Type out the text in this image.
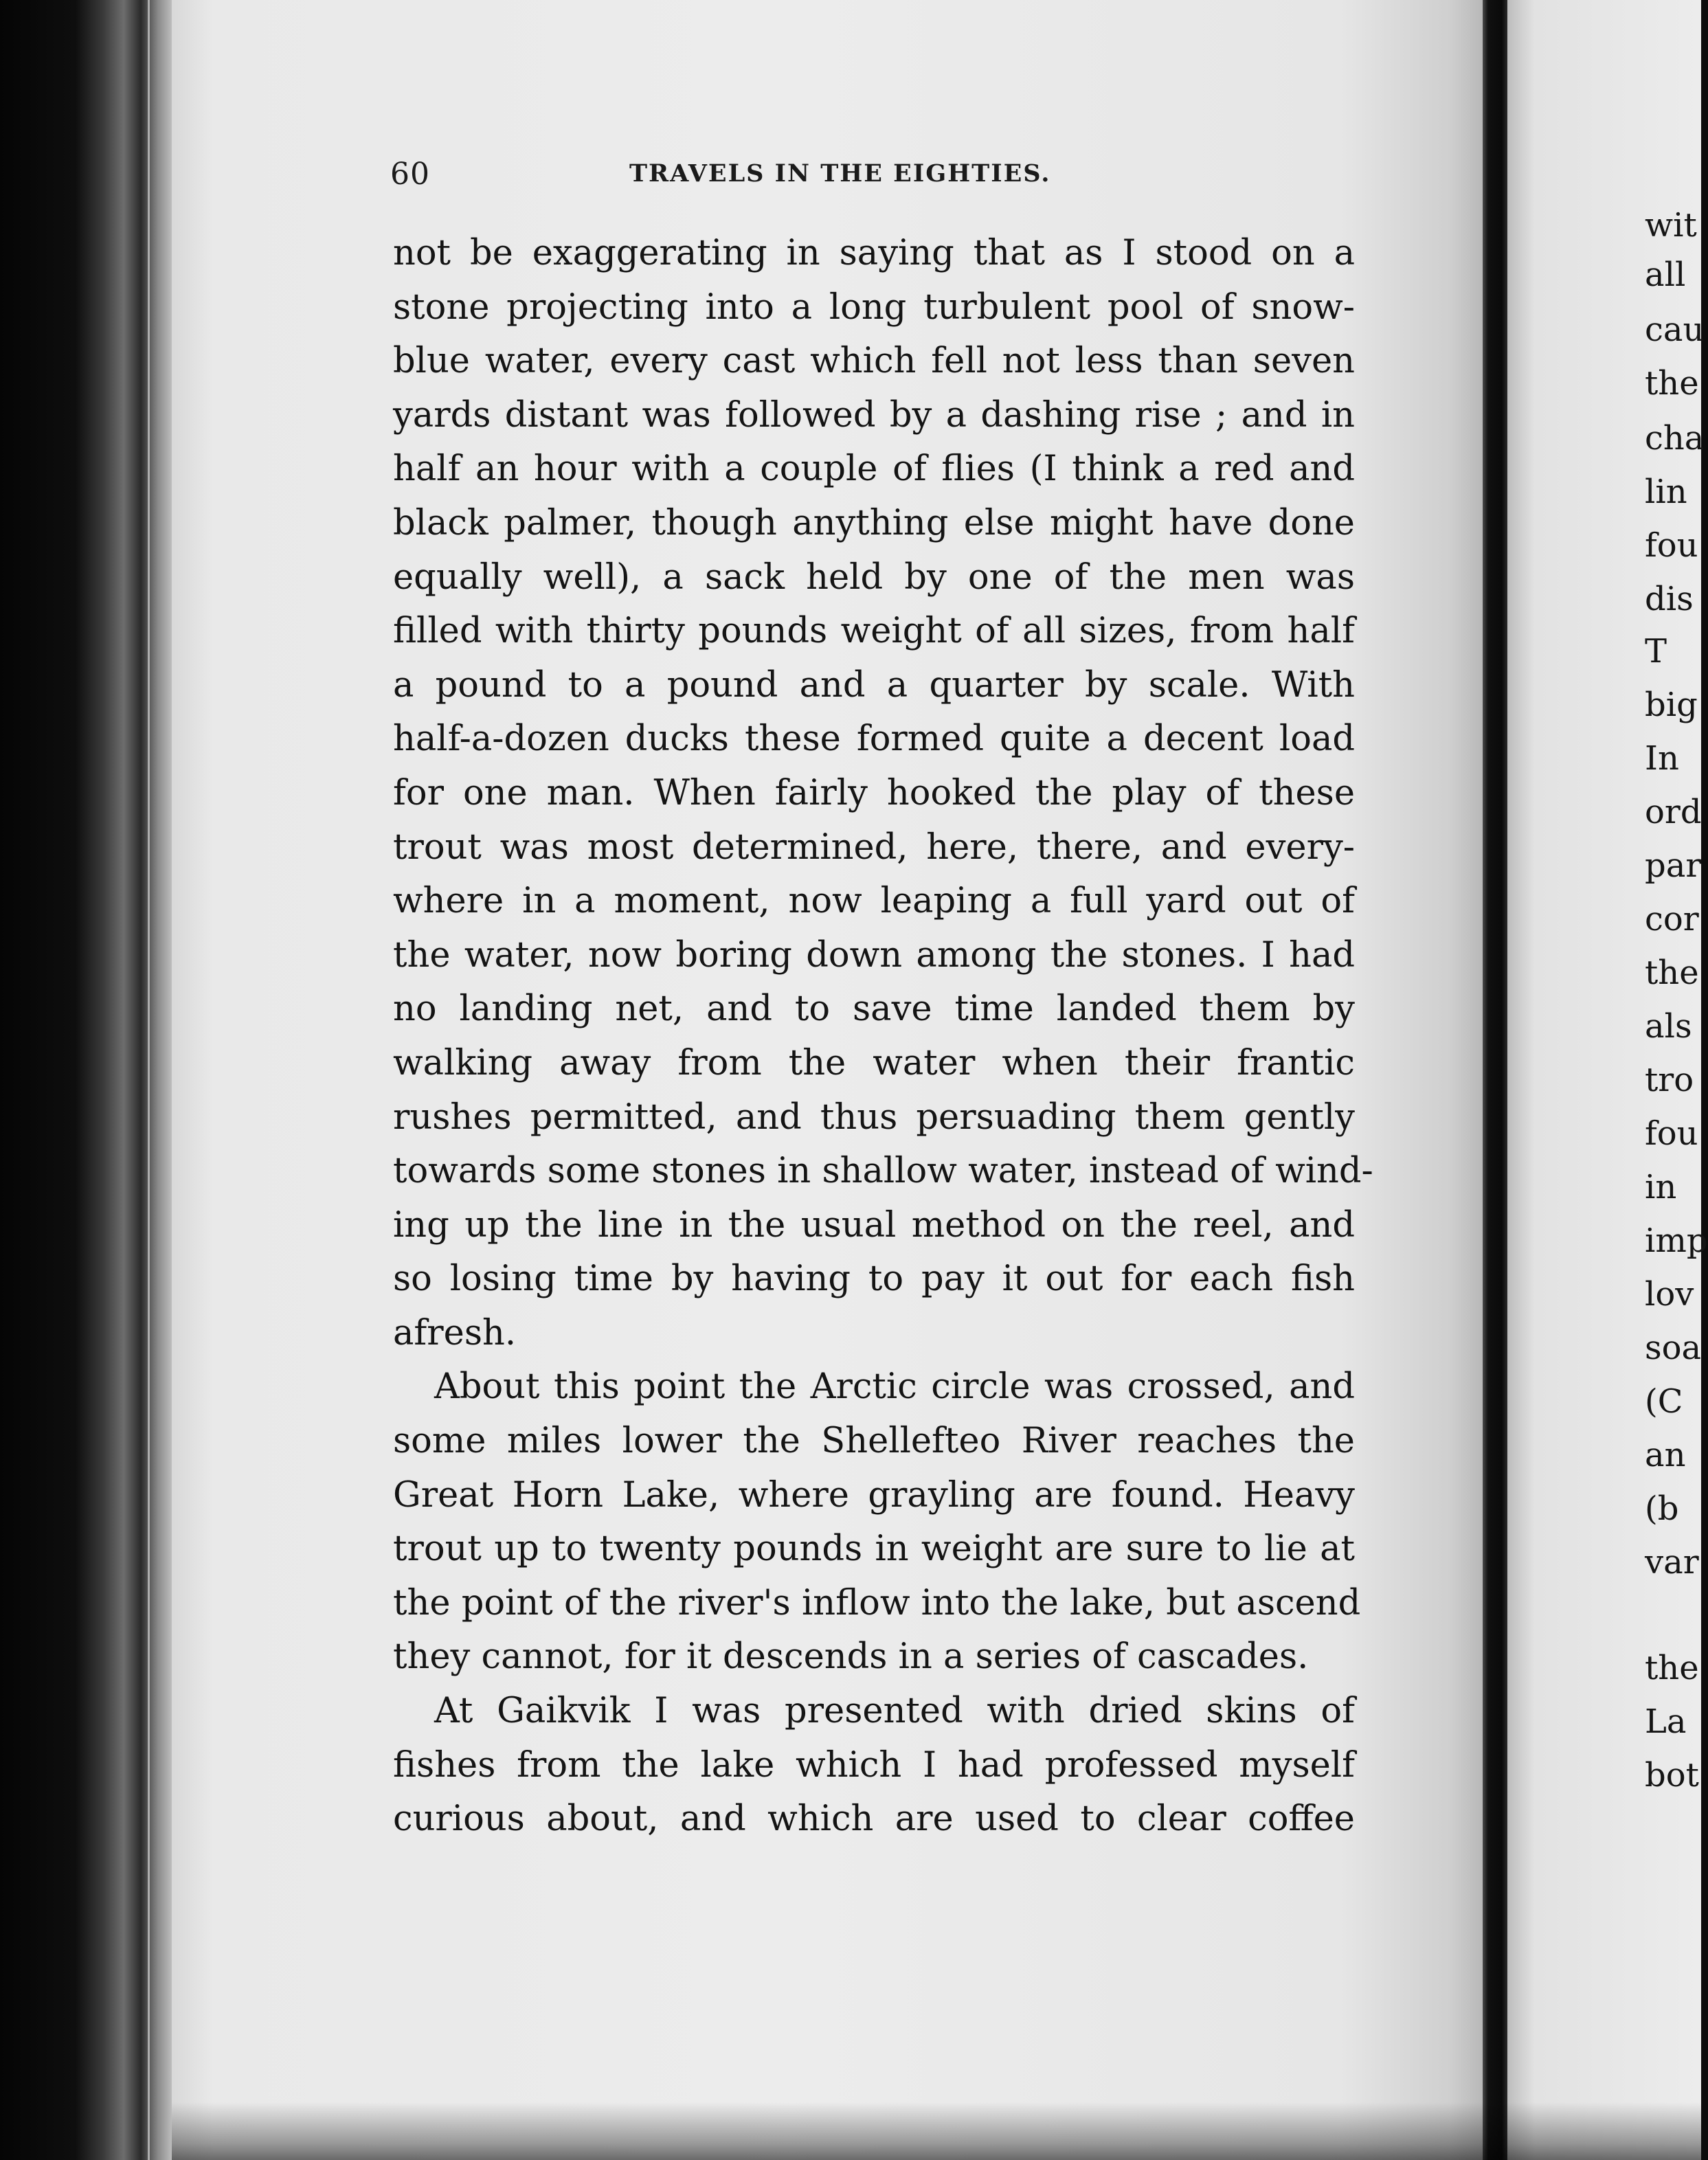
60	TRAVELS IN THE EIGHTIES.
not be exaggerating in saying that as I stood on a
stone projecting into a long turbulent pool of snow-
blue water, every cast which fell not less than seven
yards distant was followed by a dashing rise ; and in
half an hour with a couple of flies (I think a red and
black palmer, though anything else might have done
equally well), a sack held by one of the men was
filled with thirty pounds weight of all sizes, from half
a pound to a pound and a quarter by scale. With
half-a-dozen ducks these formed quite a decent load
for one man. When fairly hooked the play of these
trout was most determined, here, there, and every-
where in a moment, now leaping a full yard out of
the water, now boring down among the stones. I had
no landing net, and to save time landed them by
walking away from the water when their frantic
rushes permitted, and thus persuading them gently
towards some stones in shallow water, instead of wind-
ing up the line in the usual method on the reel, and
so losing time by having to pay it out for each fish
afresh.
About this point the Arctic circle was crossed, and
some miles lower the Shellefteo River reaches the
Great Horn Lake, where grayling are found. Heavy
trout up to twenty pounds in weight are sure to lie at
the point of the river's inflow into the lake, but ascend
they cannot, for it descends in a series of cascades.
At Gaikvik I was presented with dried skins of
fishes from the lake which I had professed myself
curious about, and which are used to clear coffee
wit
all
cau
the
cha
lin
fou
dis
T
big
In
ord
par
cor
the
als
tro
fou
in
imp
lov
soa
(C
an
(b
var
the
La
bot
